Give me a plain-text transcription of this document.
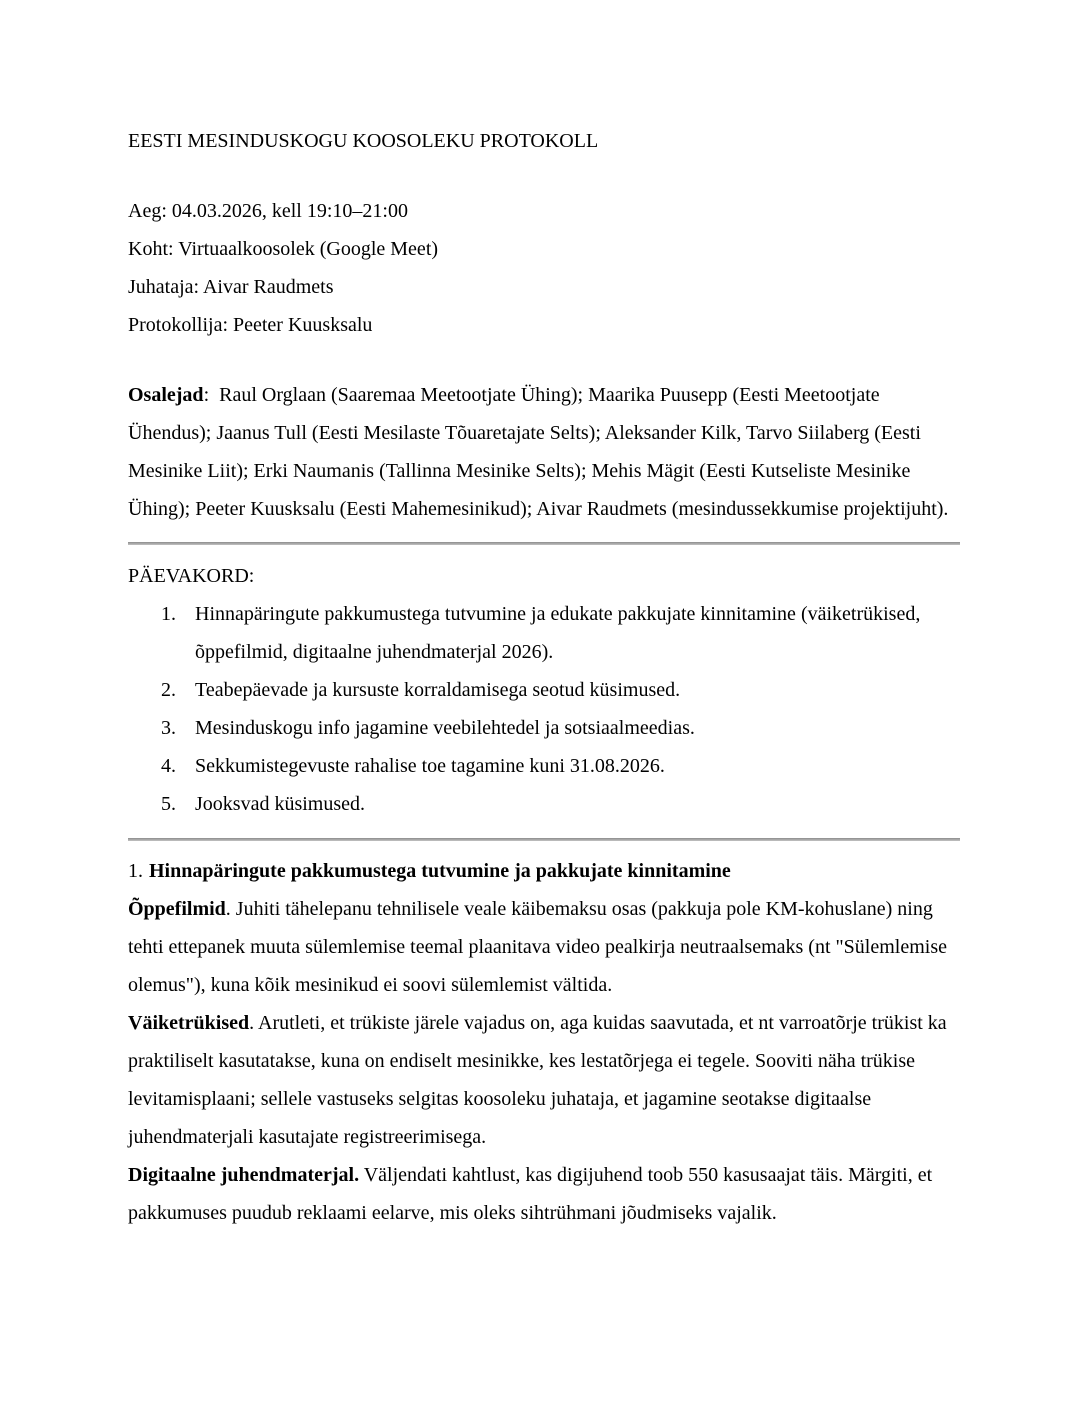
EESTI MESINDUSKOGU KOOSOLEKU PROTOKOLL

Aeg: 04.03.2026, kell 19:10–21:00

Koht: Virtuaalkoosolek (Google Meet)

Juhataja: Aivar Raudmets

Protokollija: Peeter Kuusksalu

Osalejad:  Raul Orglaan (Saaremaa Meetootjate Ühing); Maarika Puusepp (Eesti Meetootjate Ühendus); Jaanus Tull (Eesti Mesilaste Tõuaretajate Selts); Aleksander Kilk, Tarvo Siilaberg (Eesti Mesinike Liit); Erki Naumanis (Tallinna Mesinike Selts); Mehis Mägit (Eesti Kutseliste Mesinike Ühing); Peeter Kuusksalu (Eesti Mahemesinikud); Aivar Raudmets (mesindussekkumise projektijuht).

PÄEVAKORD:

Hinnapäringute pakkumustega tutvumine ja edukate pakkujate kinnitamine (väiketrükised, õppefilmid, digitaalne juhendmaterjal 2026).
Teabepäevade ja kursuste korraldamisega seotud küsimused.
Mesinduskogu info jagamine veebilehtedel ja sotsiaalmeedias.
Sekkumistegevuste rahalise toe tagamine kuni 31.08.2026.
Jooksvad küsimused.

1. Hinnapäringute pakkumustega tutvumine ja pakkujate kinnitamine

Õppefilmid. Juhiti tähelepanu tehnilisele veale käibemaksu osas (pakkuja pole KM-kohuslane) ning tehti ettepanek muuta sülemlemise teemal plaanitava video pealkirja neutraalsemaks (nt "Sülemlemise olemus"), kuna kõik mesinikud ei soovi sülemlemist vältida.

Väiketrükised. Arutleti, et trükiste järele vajadus on, aga kuidas saavutada, et nt varroatõrje trükist ka praktiliselt kasutatakse, kuna on endiselt mesinikke, kes lestatõrjega ei tegele. Sooviti näha trükise levitamisplaani; sellele vastuseks selgitas koosoleku juhataja, et jagamine seotakse digitaalse juhendmaterjali kasutajate registreerimisega.

Digitaalne juhendmaterjal. Väljendati kahtlust, kas digijuhend toob 550 kasusaajat täis. Märgiti, et pakkumuses puudub reklaami eelarve, mis oleks sihtrühmani jõudmiseks vajalik.
